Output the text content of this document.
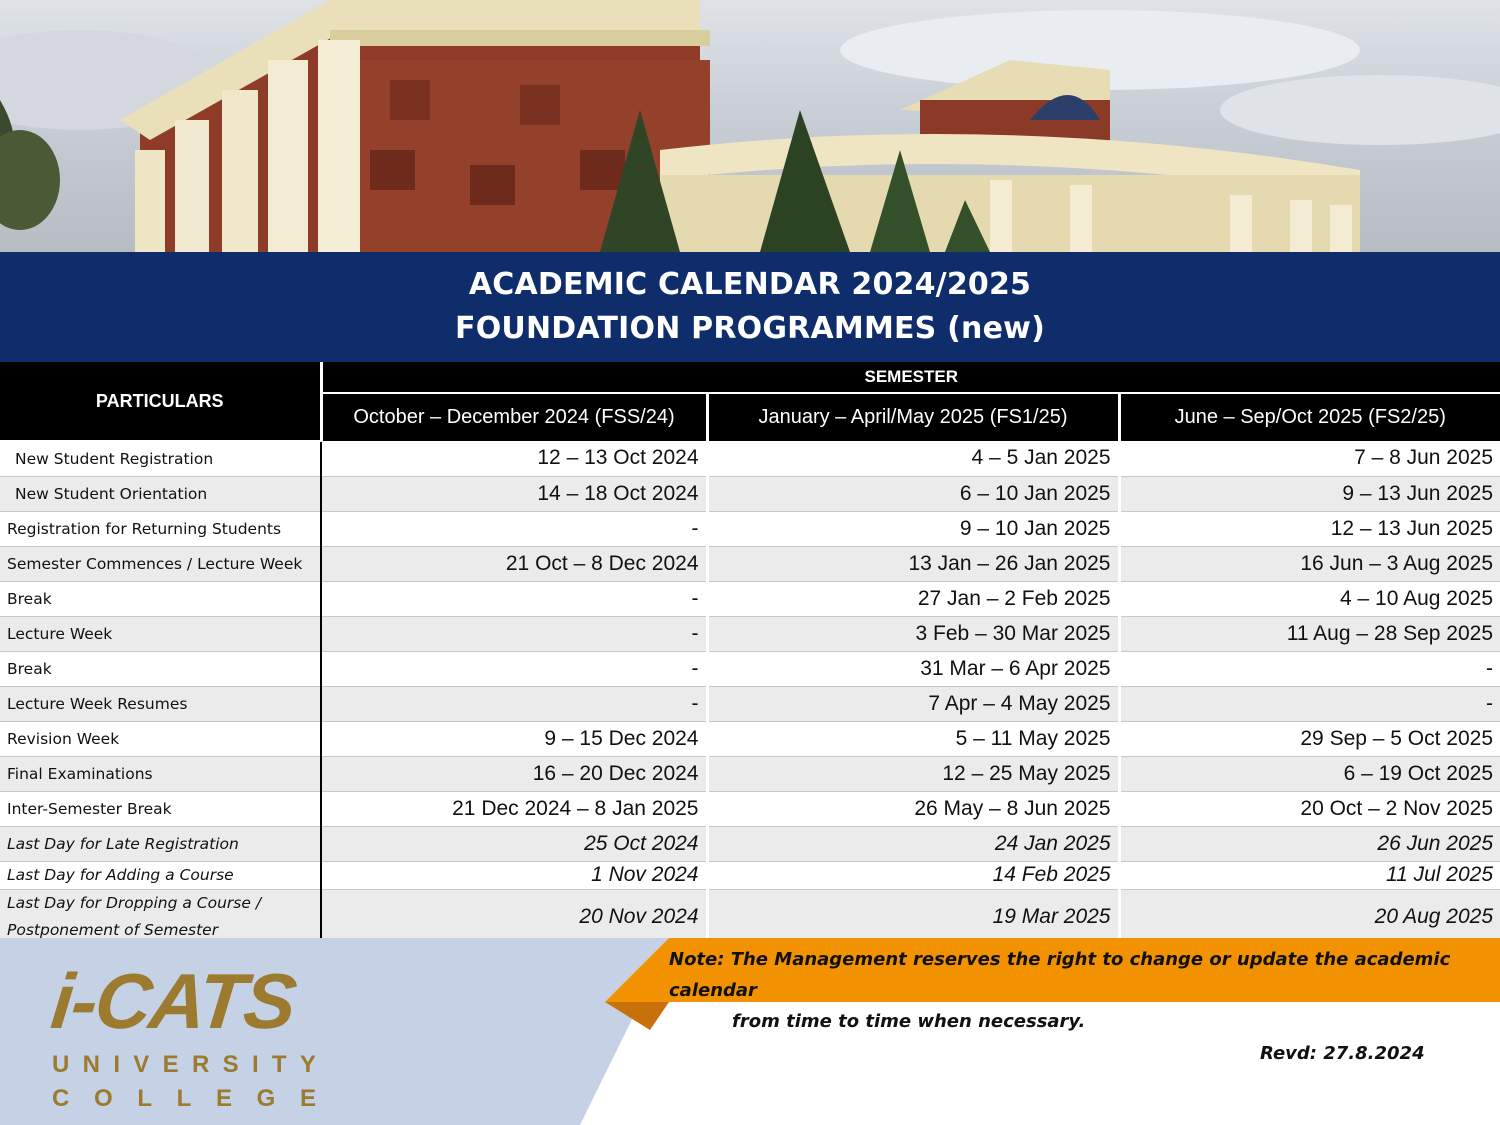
ACADEMIC CALENDAR 2024/2025
FOUNDATION PROGRAMMES (new)
PARTICULARS	SEMESTER		
	October – December 2024 (FSS/24)	January – April/May 2025 (FS1/25)	June – Sep/Oct 2025 (FS2/25)
New Student Registration	12 – 13 Oct 2024	4 – 5 Jan 2025	7 – 8 Jun 2025
New Student Orientation	14 – 18 Oct 2024	6 – 10 Jan 2025	9 – 13 Jun 2025
Registration for Returning Students	-	9 – 10 Jan 2025	12 – 13 Jun 2025
Semester Commences / Lecture Week	21 Oct – 8 Dec 2024	13 Jan – 26 Jan 2025	16 Jun – 3 Aug 2025
Break	-	27 Jan – 2 Feb 2025	4 – 10 Aug 2025
Lecture Week	-	3 Feb – 30 Mar 2025	11 Aug – 28 Sep 2025
Break	-	31 Mar – 6 Apr 2025	-
Lecture Week Resumes	-	7 Apr – 4 May 2025	-
Revision Week	9 – 15 Dec 2024	5 – 11 May 2025	29 Sep – 5 Oct 2025
Final Examinations	16 – 20 Dec 2024	12 – 25 May 2025	6 – 19 Oct 2025
Inter-Semester Break	21 Dec 2024 – 8 Jan 2025	26 May – 8 Jun 2025	20 Oct – 2 Nov 2025
Last Day for Late Registration	25 Oct 2024	24 Jan 2025	26 Jun 2025
Last Day for Adding a Course	1 Nov 2024	14 Feb 2025	11 Jul 2025
Last Day for Dropping a Course / Postponement of Semester	20 Nov 2024	19 Mar 2025	20 Aug 2025
i-CATS
U N I V E R S I T Y
C O L L E G E
Note: The Management reserves the right to change or update the academic calendar
from time to time when necessary.
Revd: 27.8.2024
